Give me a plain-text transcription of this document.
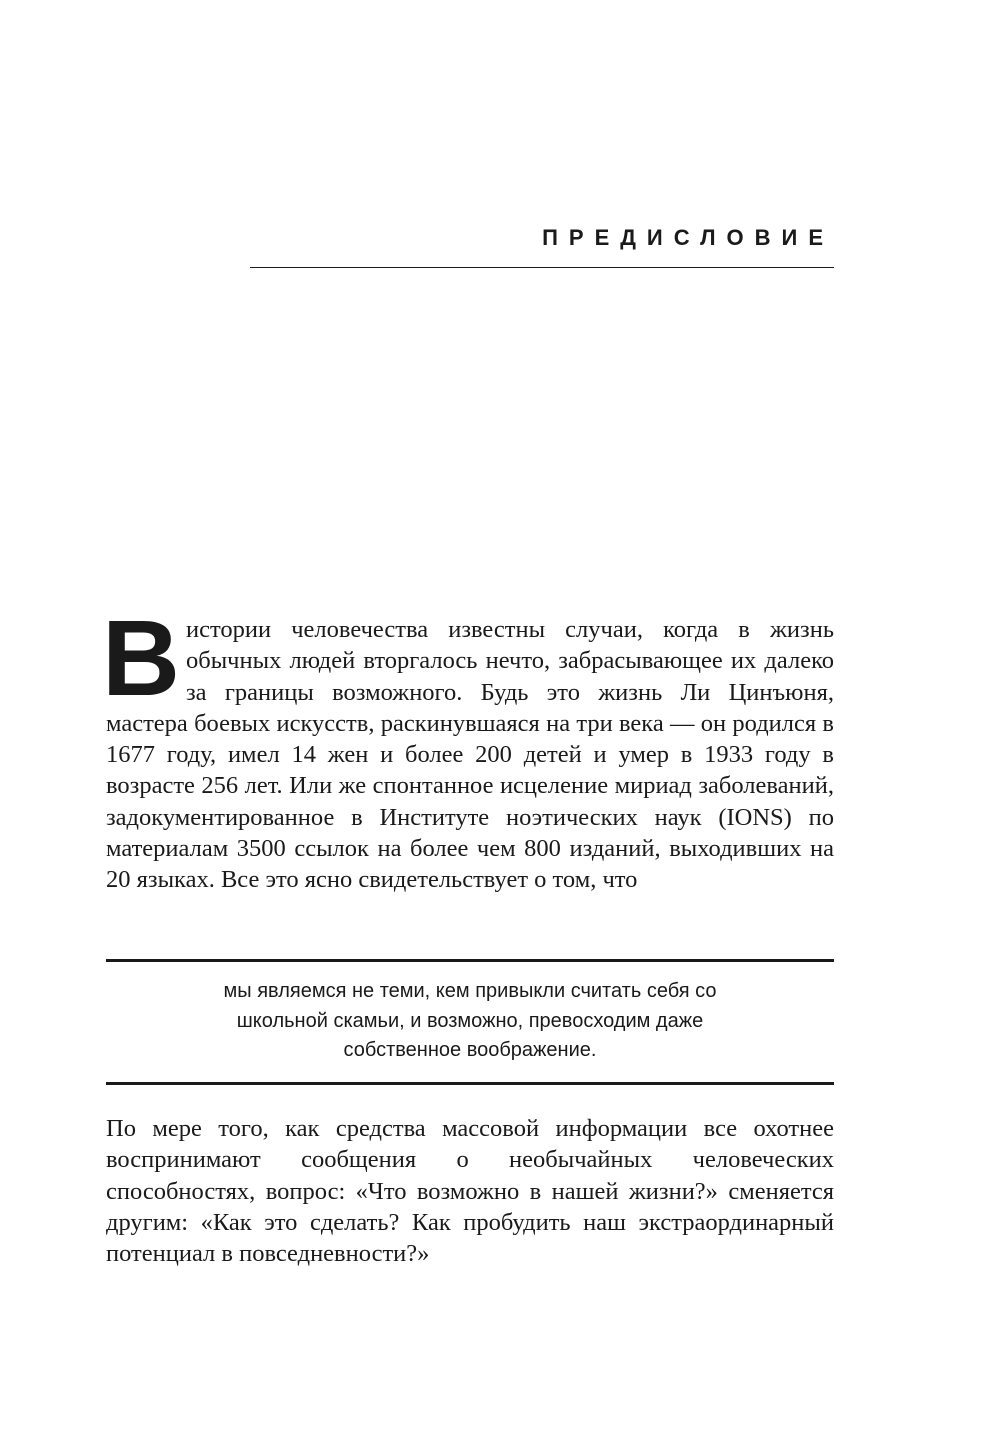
ПРЕДИСЛОВИЕ

Вистории человечества известны случаи, когда в жизнь обычных людей вторгалось нечто, забрасывающее их далеко за границы возможного. Будь это жизнь Ли Цинъюня, мастера боевых искусств, раскинувшаяся на три века — он родился в 1677 году, имел 14 жен и более 200 детей и умер в 1933 году в возрасте 256 лет. Или же спонтанное исцеление мириад заболеваний, задокументированное в Институте ноэтических наук (IONS) по материалам 3500 ссылок на более чем 800 изданий, выходивших на 20 языках. Все это ясно свидетельствует о том, что

мы являемся не теми, кем привыкли считать себя со школьной скамьи, и возможно, превосходим даже собственное воображение.

По мере того, как средства массовой информации все охотнее воспринимают сообщения о необычайных человеческих способностях, вопрос: «Что возможно в нашей жизни?» сменяется другим: «Как это сделать? Как пробудить наш экстраординарный потенциал в повседневности?»
